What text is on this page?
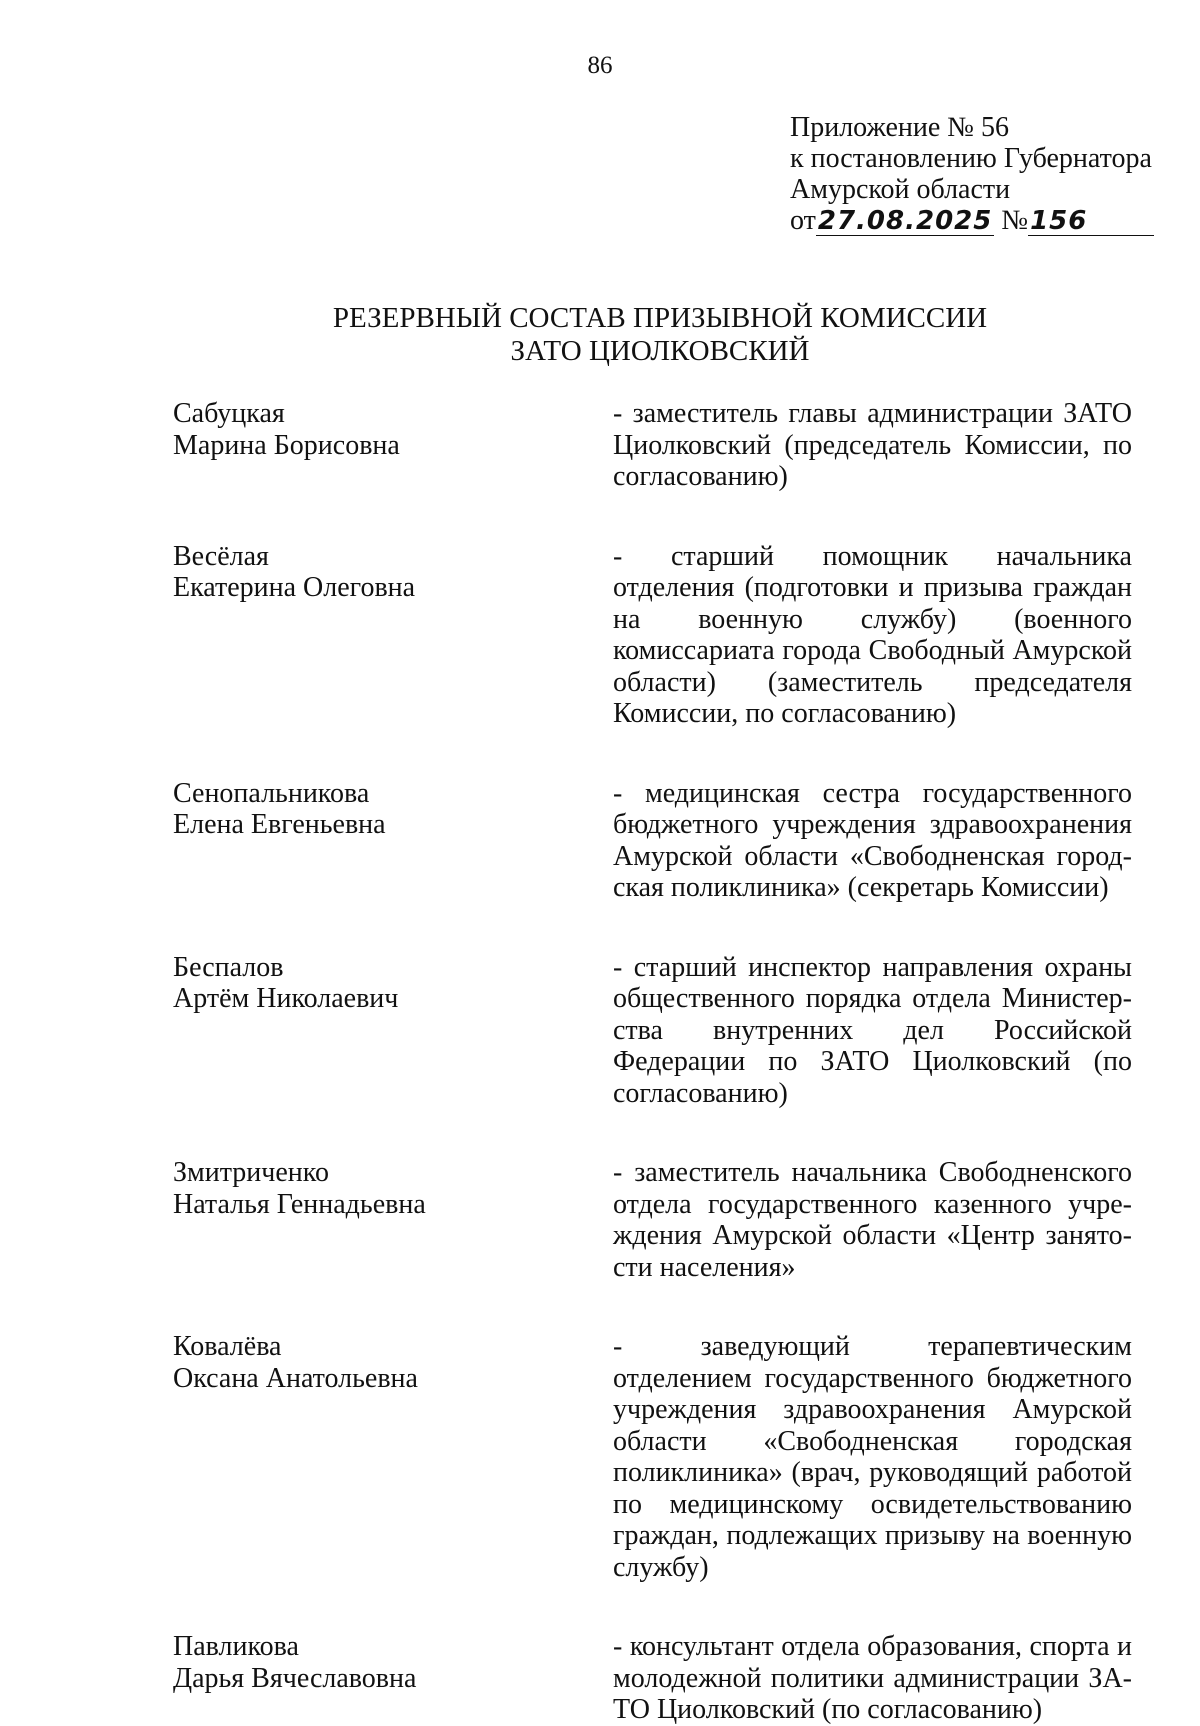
86
Приложение № 56
к постановлению Губернатора
Амурской области
от27.08.2025 №156
РЕЗЕРВНЫЙ СОСТАВ ПРИЗЫВНОЙ КОМИССИИ
ЗАТО ЦИОЛКОВСКИЙ
Сабуцкая
Марина Борисовна
- заместитель главы администрации ЗАТО Циолковский (председатель Комиссии, по согласованию)
Весёлая
Екатерина Олеговна
- старший помощник начальника отделения (подготовки и призыва граждан на военную службу) (военного комиссариата города Свободный Амурской области) (заместитель председателя Комиссии, по согласованию)
Сенопальникова
Елена Евгеньевна
- медицинская сестра государственного бюджетного учреждения здравоохранения Амурской области «Свободненская городская поликлиника» (секретарь Комиссии)
Беспалов
Артём Николаевич
- старший инспектор направления охраны общественного порядка отдела Министерства внутренних дел Российской Федерации по ЗАТО Циолковский (по согласованию)
Змитриченко
Наталья Геннадьевна
- заместитель начальника Свободненского отдела государственного казенного учреждения Амурской области «Центр занятости населения»
Ковалёва
Оксана Анатольевна
- заведующий терапевтическим отделением государственного бюджетного учреждения здравоохранения Амурской области «Свободненская городская поликлиника» (врач, руководящий работой по медицинскому освидетельствованию граждан, подлежащих призыву на военную службу)
Павликова
Дарья Вячеславовна
- консультант отдела образования, спорта и молодежной политики администрации ЗАТО Циолковский (по согласованию)
